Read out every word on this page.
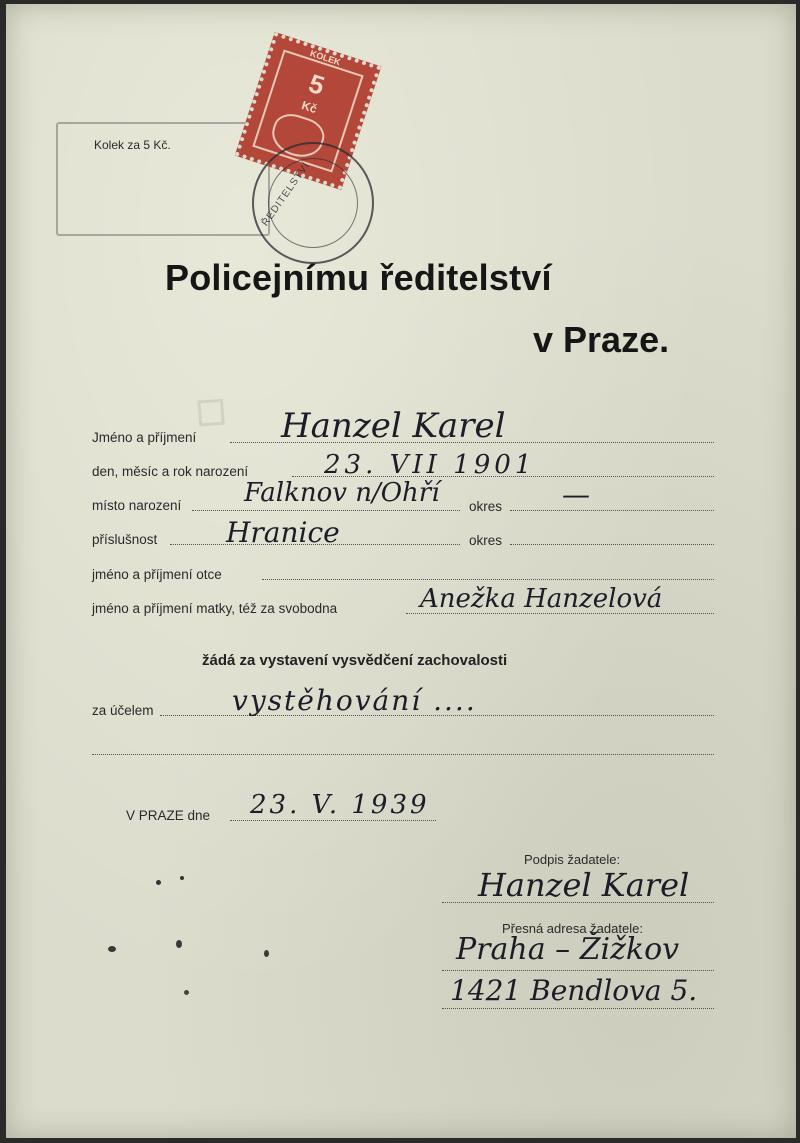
☐
Kolek za 5 Kč.
KOLEK
5
Kč
ŘEDITELSTVÍ
Policejnímu ředitelství
v Praze.
Jméno a příjmení Hanzel Karel
den, měsíc a rok narození	23. VII 1901
místo narození Falknov n/Ohří okres —
příslušnost Hranice	okres
jméno a příjmení otce
jméno a příjmení matky, též za svobodna	Anežka Hanzelová
žádá za vystavení vysvědčení zachovalosti
za účelem	vystěhování ....
V PRAZE dne 23. V. 1939
Podpis žadatele:
Hanzel Karel
Přesná adresa žadatele:
Praha – Žižkov
1421 Bendlova 5.
